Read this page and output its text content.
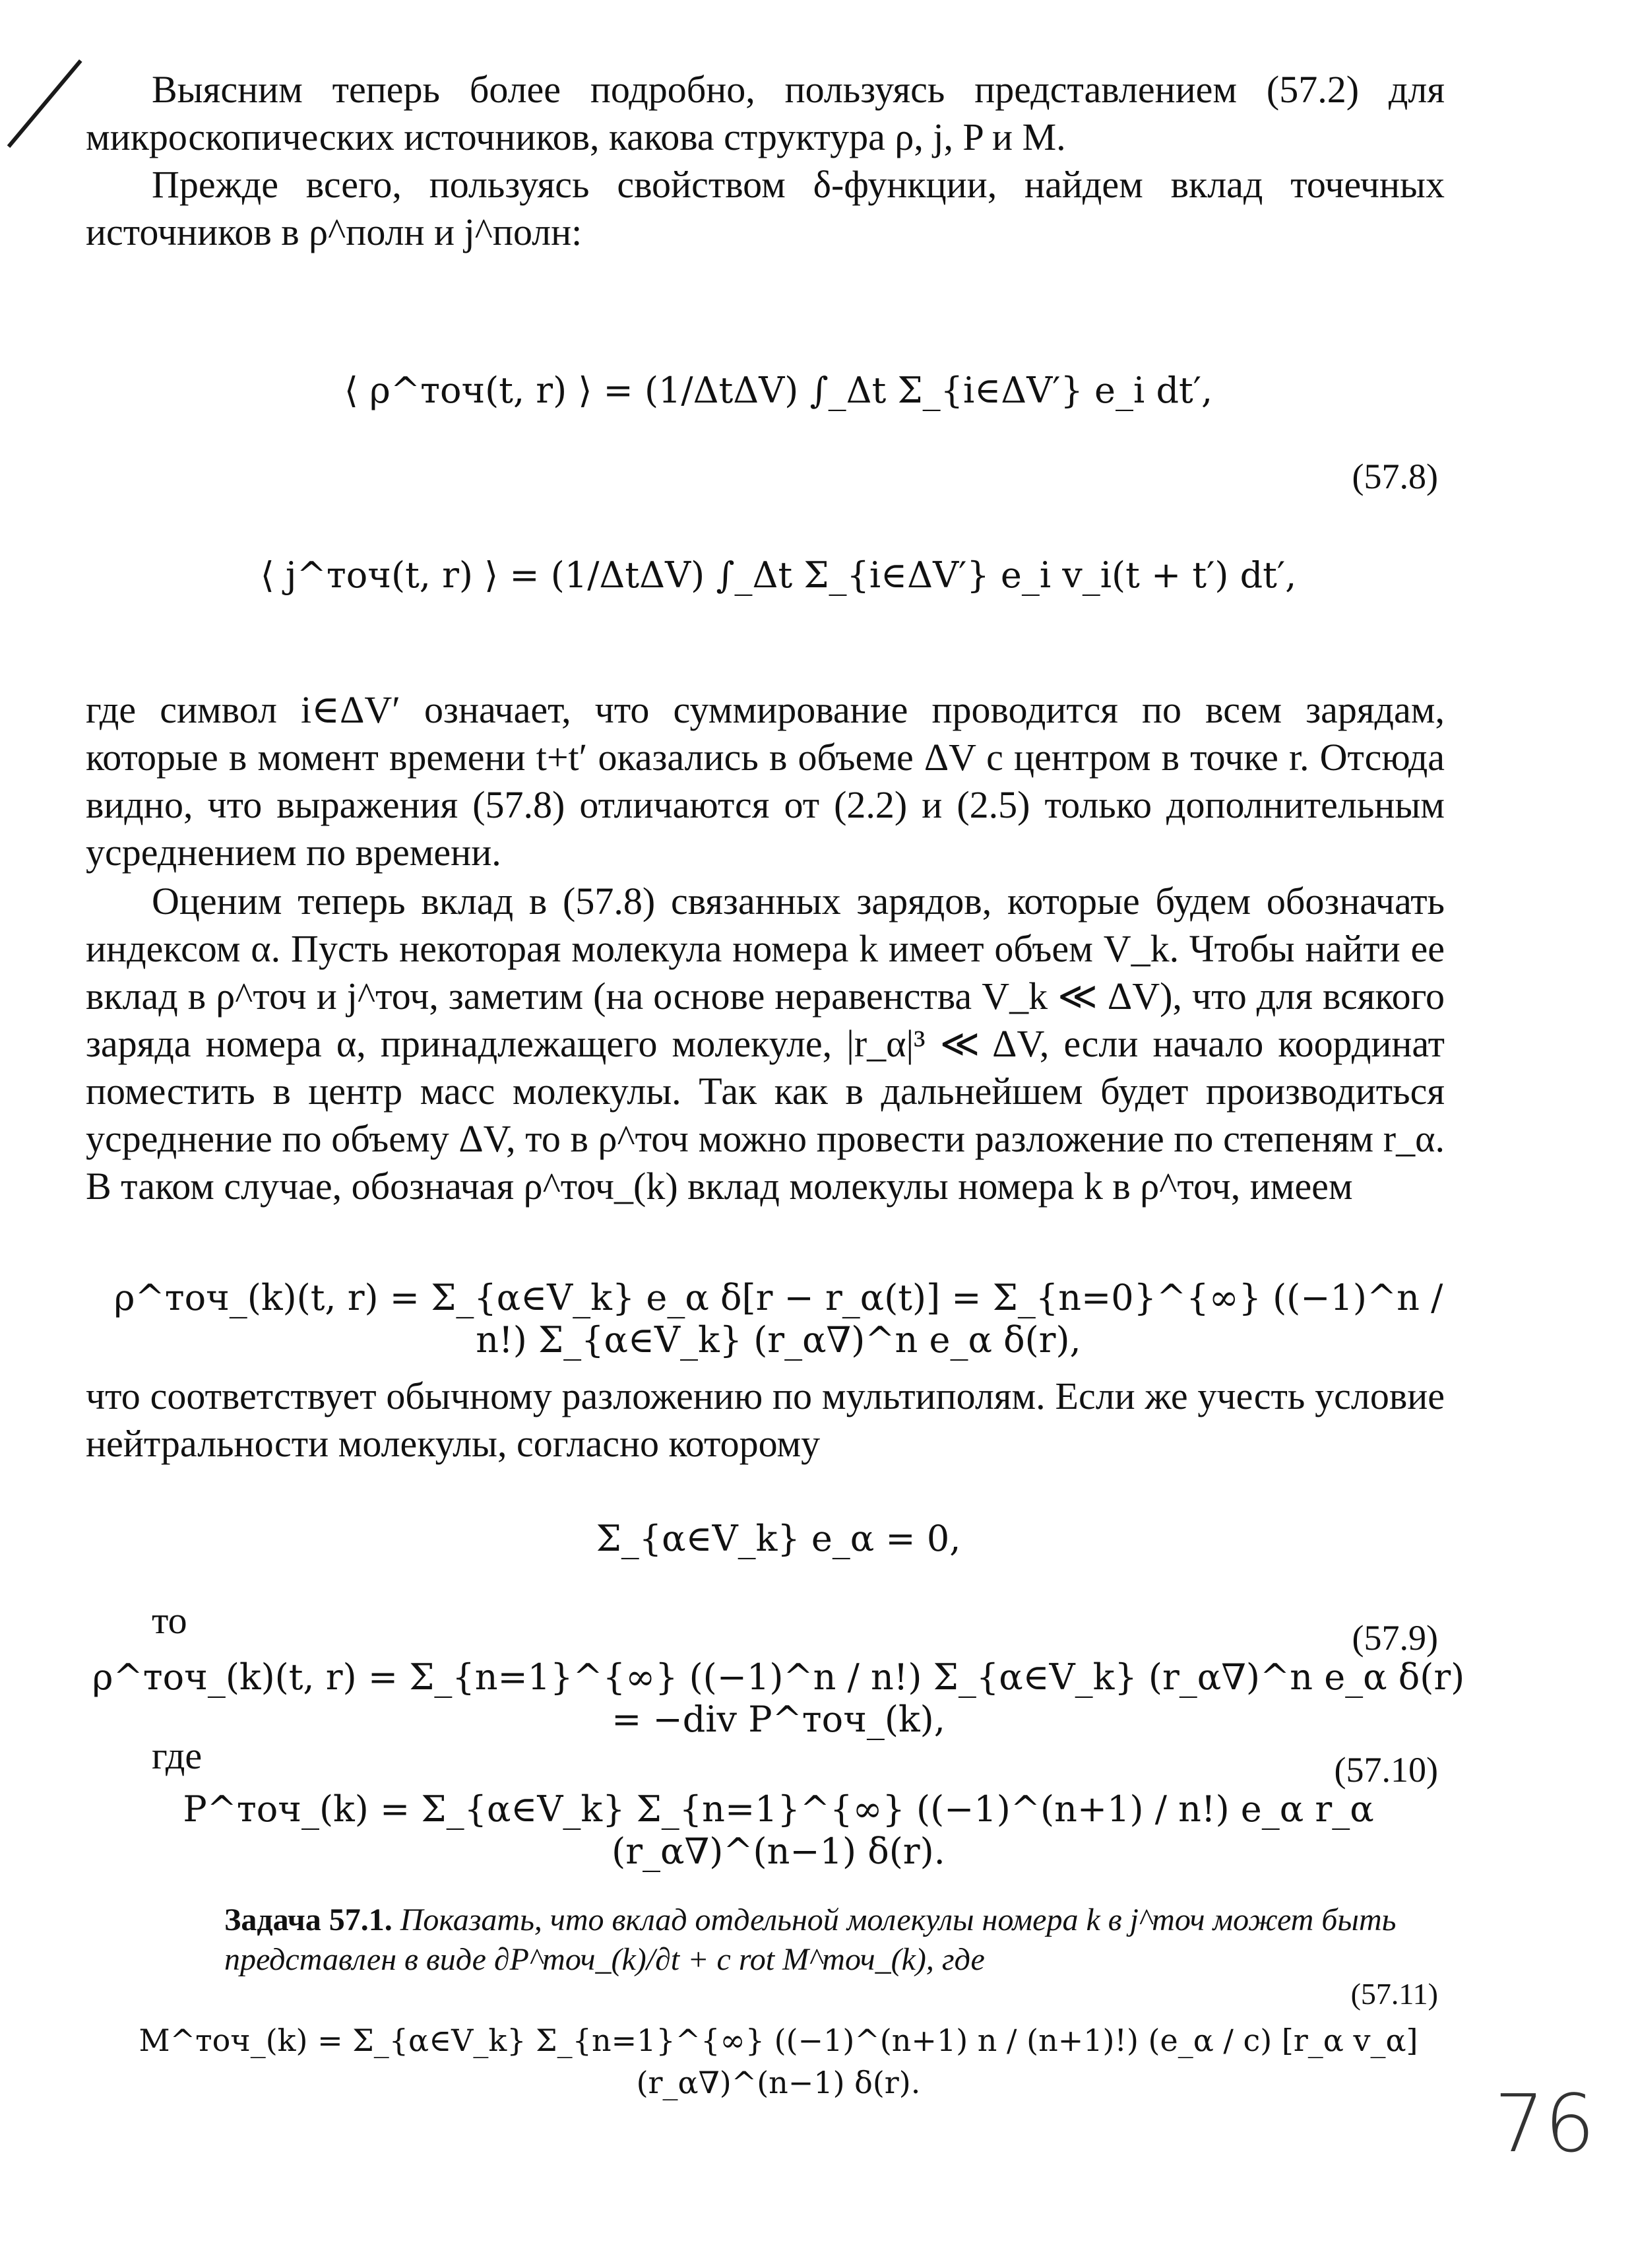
Выясним теперь более подробно, пользуясь представлением (57.2) для микроскопических источников, какова структура ρ, j, P и M.

Прежде всего, пользуясь свойством δ-функции, найдем вклад точечных источников в ρ^полн и j^полн:

⟨ ρ^точ(t, r) ⟩ = (1/ΔtΔV) ∫_Δt Σ_{i∈ΔV′} e_i dt′,
(57.8)
⟨ j^точ(t, r) ⟩ = (1/ΔtΔV) ∫_Δt Σ_{i∈ΔV′} e_i v_i(t + t′) dt′,
где символ i∈ΔV′ означает, что суммирование проводится по всем зарядам, которые в момент времени t+t′ оказались в объеме ΔV с центром в точке r. Отсюда видно, что выражения (57.8) отличаются от (2.2) и (2.5) только дополнительным усреднением по времени.
Оценим теперь вклад в (57.8) связанных зарядов, которые будем обозначать индексом α. Пусть некоторая молекула номера k имеет объем V_k. Чтобы найти ее вклад в ρ^точ и j^точ, заметим (на основе неравенства V_k ≪ ΔV), что для всякого заряда номера α, принадлежащего молекуле, |r_α|³ ≪ ΔV, если начало координат поместить в центр масс молекулы. Так как в дальнейшем будет производиться усреднение по объему ΔV, то в ρ^точ можно провести разложение по степеням r_α. В таком случае, обозначая ρ^точ_(k) вклад молекулы номера k в ρ^точ, имеем
ρ^точ_(k)(t, r) = Σ_{α∈V_k} e_α δ[r − r_α(t)] = Σ_{n=0}^{∞} ((−1)^n / n!) Σ_{α∈V_k} (r_α∇)^n e_α δ(r),
что соответствует обычному разложению по мультиполям. Если же учесть условие нейтральности молекулы, согласно которому
Σ_{α∈V_k} e_α = 0,
то
ρ^точ_(k)(t, r) = Σ_{n=1}^{∞} ((−1)^n / n!) Σ_{α∈V_k} (r_α∇)^n e_α δ(r) = −div P^точ_(k),
(57.9)
где
P^точ_(k) = Σ_{α∈V_k} Σ_{n=1}^{∞} ((−1)^(n+1) / n!) e_α r_α (r_α∇)^(n−1) δ(r).
(57.10)
Задача 57.1. Показать, что вклад отдельной молекулы номера k в j^точ может быть представлен в виде ∂P^точ_(k)/∂t + c rot M^точ_(k), где
M^точ_(k) = Σ_{α∈V_k} Σ_{n=1}^{∞} ((−1)^(n+1) n / (n+1)!) (e_α / c) [r_α v_α] (r_α∇)^(n−1) δ(r).
(57.11)
76
